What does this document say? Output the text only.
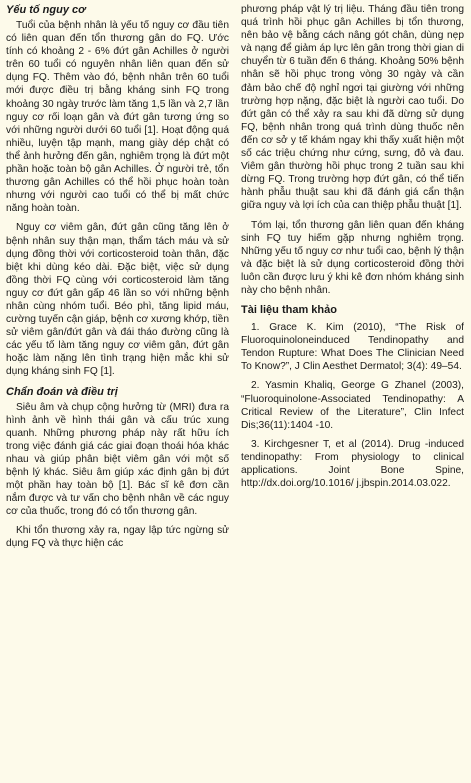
Yếu tố nguy cơ

Tuổi của bệnh nhân là yếu tố nguy cơ đầu tiên có liên quan đến tổn thương gân do FQ. Ước tính có khoảng 2 - 6% đứt gân Achilles ở người trên 60 tuổi có nguyên nhân liên quan đến sử dụng FQ. Thêm vào đó, bệnh nhân trên 60 tuổi mới được điều trị bằng kháng sinh FQ trong khoảng 30 ngày trước làm tăng 1,5 lần và 2,7 lần nguy cơ rối loạn gân và đứt gân tương ứng so với những người dưới 60 tuổi [1]. Hoạt động quá nhiều, luyện tập mạnh, mang giày dép chật có thể ảnh hưởng đến gân, nghiêm trọng là đứt một phần hoặc toàn bộ gân Achilles. Ở người trẻ, tổn thương gân Achilles có thể hồi phục hoàn toàn nhưng với người cao tuổi có thể bị mất chức năng hoàn toàn.

Nguy cơ viêm gân, đứt gân cũng tăng lên ở bệnh nhân suy thận mạn, thẩm tách máu và sử dụng đồng thời với corticosteroid toàn thân, đặc biệt khi dùng kéo dài. Đặc biệt, việc sử dụng đồng thời FQ cùng với corticosteroid làm tăng nguy cơ đứt gân gấp 46 lần so với những bệnh nhân cùng nhóm tuổi. Béo phì, tăng lipid máu, cường tuyến cận giáp, bệnh cơ xương khớp, tiền sử viêm gân/đứt gân và đái tháo đường cũng là các yếu tố làm tăng nguy cơ viêm gân, đứt gân hoặc làm nặng lên tình trạng hiện mắc khi sử dụng kháng sinh FQ [1].

Chẩn đoán và điều trị

Siêu âm và chụp cộng hưởng từ (MRI) đưa ra hình ảnh về hình thái gân và cấu trúc xung quanh. Những phương pháp này rất hữu ích trong việc đánh giá các giai đoạn thoái hóa khác nhau và giúp phân biệt viêm gân với một số bệnh lý khác. Siêu âm giúp xác định gân bị đứt một phần hay toàn bộ [1]. Bác sĩ kê đơn cần nắm được và tư vấn cho bệnh nhân về các nguy cơ của thuốc, trong đó có tổn thương gân.

Khi tổn thương xảy ra, ngay lập tức ngừng sử dụng FQ và thực hiện các

phương pháp vật lý trị liệu. Tháng đầu tiên trong quá trình hồi phục gân Achilles bị tổn thương, nên bảo vệ bằng cách nâng gót chân, dùng nẹp và nạng để giảm áp lực lên gân trong thời gian di chuyển từ 6 tuần đến 6 tháng. Khoảng 50% bệnh nhân sẽ hồi phục trong vòng 30 ngày và cần đảm bảo chế độ nghỉ ngơi tại giường với những trường hợp nặng, đặc biệt là người cao tuổi. Do đứt gân có thể xảy ra sau khi đã dừng sử dụng FQ, bệnh nhân trong quá trình dùng thuốc nên đến cơ sở y tế khám ngay khi thấy xuất hiện một số các triệu chứng như cứng, sưng, đỏ và đau. Viêm gân thường hồi phục trong 2 tuần sau khi dừng FQ. Trong trường hợp đứt gân, có thể tiến hành phẫu thuật sau khi đã đánh giá cẩn thận giữa nguy và lợi ích của can thiệp phẫu thuật [1].

Tóm lại, tổn thương gân liên quan đến kháng sinh FQ tuy hiếm gặp nhưng nghiêm trọng. Những yếu tố nguy cơ như tuổi cao, bệnh lý thận và đặc biệt là sử dụng corticosteroid đồng thời luôn cần được lưu ý khi kê đơn nhóm kháng sinh này cho bệnh nhân.

Tài liệu tham khảo

1. Grace K. Kim (2010), “The Risk of Fluoroquinoloneinduced Tendinopathy and Tendon Rupture: What Does The Clinician Need To Know?”, J Clin Aesthet Dermatol; 3(4): 49–54.

2. Yasmin Khaliq, George G Zhanel (2003), “Fluoroquinolone-Associated Tendinopathy: A Critical Review of the Literature”, Clin Infect Dis;36(11):1404 -10.

3. Kirchgesner T, et al (2014). Drug -induced tendinopathy: From physiology to clinical applications. Joint Bone Spine, http://dx.doi.org/10.1016/ j.jbspin.2014.03.022.
